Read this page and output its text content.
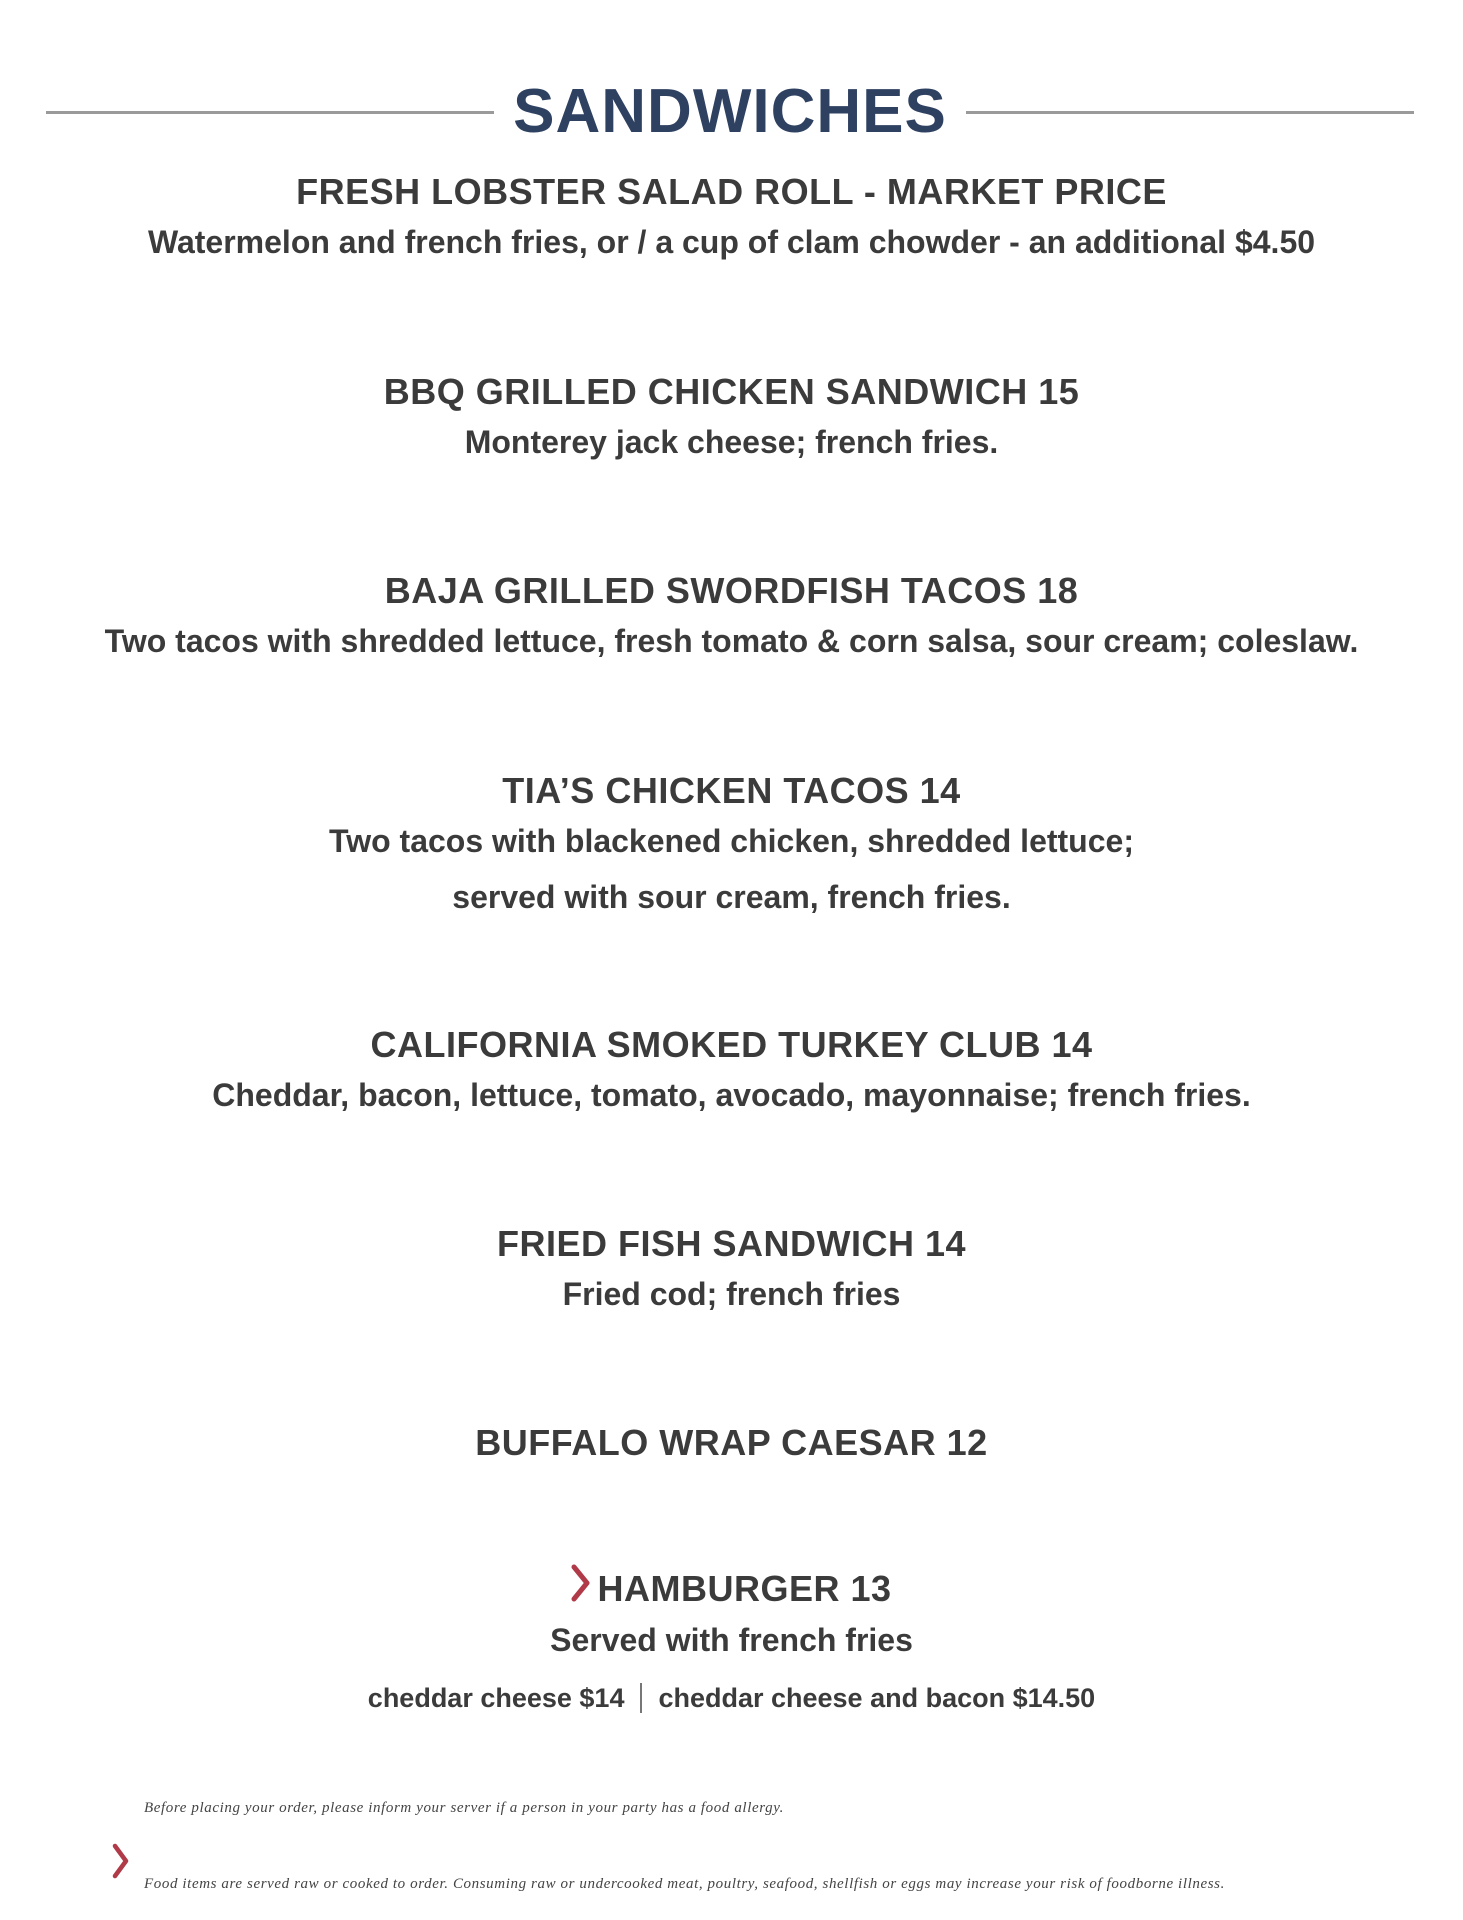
SANDWICHES
FRESH LOBSTER SALAD ROLL - MARKET PRICE
Watermelon and french fries, or / a cup of clam chowder - an additional $4.50
BBQ GRILLED CHICKEN SANDWICH 15
Monterey jack cheese; french fries.
BAJA GRILLED SWORDFISH TACOS 18
Two tacos with shredded lettuce, fresh tomato & corn salsa, sour cream; coleslaw.
TIA’S CHICKEN TACOS 14
Two tacos with blackened chicken, shredded lettuce;
served with sour cream, french fries.
CALIFORNIA SMOKED TURKEY CLUB 14
Cheddar, bacon, lettuce, tomato, avocado, mayonnaise; french fries.
FRIED FISH SANDWICH 14
Fried cod; french fries
BUFFALO WRAP CAESAR 12
HAMBURGER 13
Served with french fries
cheddar cheese $14 cheddar cheese and bacon $14.50
Before placing your order, please inform your server if a person in your party has a food allergy.
Food items are served raw or cooked to order. Consuming raw or undercooked meat, poultry, seafood, shellfish or eggs may increase your risk of foodborne illness.
